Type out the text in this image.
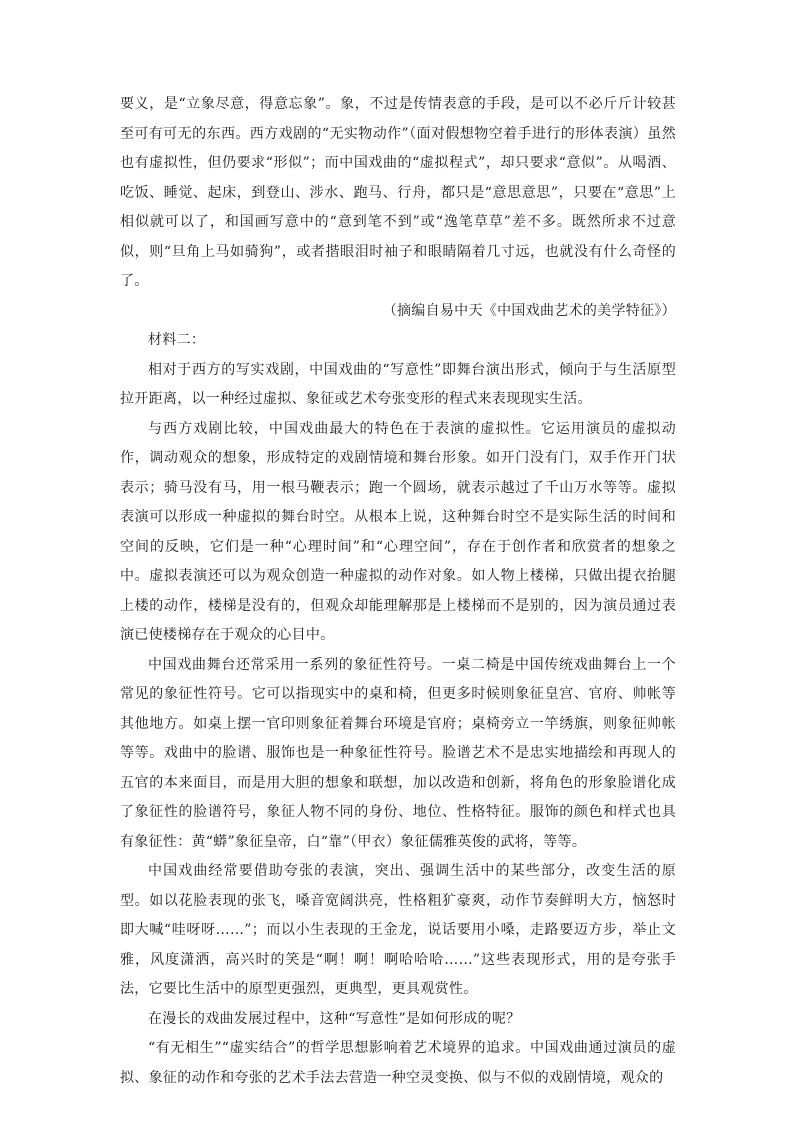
要义，是“立象尽意，得意忘象”。象，不过是传情表意的手段，是可以不必斤斤计较甚至可有可无的东西。西方戏剧的“无实物动作”（面对假想物空着手进行的形体表演）虽然也有虚拟性，但仍要求“形似”；而中国戏曲的“虚拟程式”，却只要求“意似”。从喝酒、吃饭、睡觉、起床，到登山、涉水、跑马、行舟，都只是“意思意思”，只要在“意思”上相似就可以了，和国画写意中的“意到笔不到”或“逸笔草草”差不多。既然所求不过意似，则“旦角上马如骑狗”，或者揩眼泪时袖子和眼睛隔着几寸远，也就没有什么奇怪的了。

（摘编自易中天《中国戏曲艺术的美学特征》）

材料二：

相对于西方的写实戏剧，中国戏曲的“写意性”即舞台演出形式，倾向于与生活原型拉开距离，以一种经过虚拟、象征或艺术夸张变形的程式来表现现实生活。

与西方戏剧比较，中国戏曲最大的特色在于表演的虚拟性。它运用演员的虚拟动作，调动观众的想象，形成特定的戏剧情境和舞台形象。如开门没有门，双手作开门状表示；骑马没有马，用一根马鞭表示；跑一个圆场，就表示越过了千山万水等等。虚拟表演可以形成一种虚拟的舞台时空。从根本上说，这种舞台时空不是实际生活的时间和空间的反映，它们是一种“心理时间”和“心理空间”，存在于创作者和欣赏者的想象之中。虚拟表演还可以为观众创造一种虚拟的动作对象。如人物上楼梯，只做出提衣抬腿上楼的动作，楼梯是没有的，但观众却能理解那是上楼梯而不是别的，因为演员通过表演已使楼梯存在于观众的心目中。

中国戏曲舞台还常采用一系列的象征性符号。一桌二椅是中国传统戏曲舞台上一个常见的象征性符号。它可以指现实中的桌和椅，但更多时候则象征皇宫、官府、帅帐等其他地方。如桌上摆一官印则象征着舞台环境是官府；桌椅旁立一竿绣旗，则象征帅帐等等。戏曲中的脸谱、服饰也是一种象征性符号。脸谱艺术不是忠实地描绘和再现人的五官的本来面目，而是用大胆的想象和联想，加以改造和创新，将角色的形象脸谱化成了象征性的脸谱符号，象征人物不同的身份、地位、性格特征。服饰的颜色和样式也具有象征性：黄“蟒”象征皇帝，白“靠”（甲衣）象征儒雅英俊的武将，等等。

中国戏曲经常要借助夸张的表演，突出、强调生活中的某些部分，改变生活的原型。如以花脸表现的张飞，嗓音宽阔洪亮，性格粗犷豪爽，动作节奏鲜明大方，恼怒时即大喊“哇呀呀……”；而以小生表现的王金龙，说话要用小嗓，走路要迈方步，举止文雅，风度潇洒，高兴时的笑是“啊！啊！啊哈哈哈……”这些表现形式，用的是夸张手法，它要比生活中的原型更强烈，更典型，更具观赏性。

在漫长的戏曲发展过程中，这种“写意性”是如何形成的呢？

“有无相生”“虚实结合”的哲学思想影响着艺术境界的追求。中国戏曲通过演员的虚拟、象征的动作和夸张的艺术手法去营造一种空灵变换、似与不似的戏剧情境，观众的
